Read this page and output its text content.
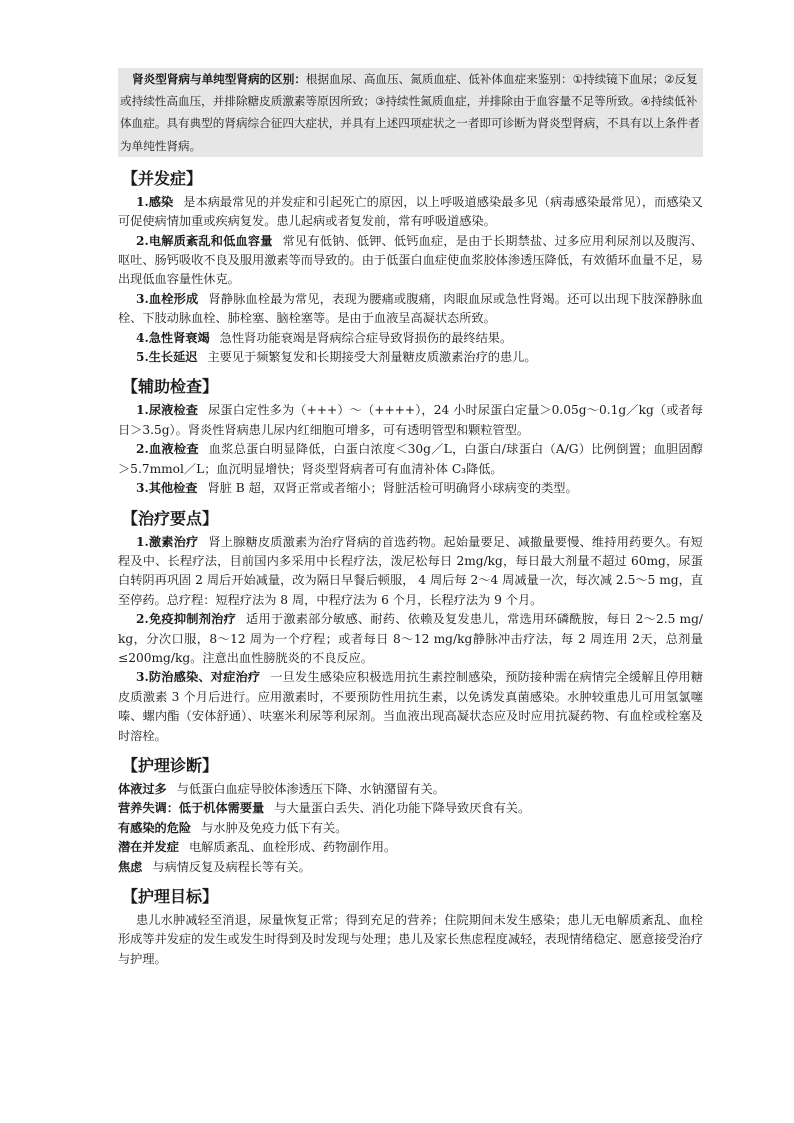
肾炎型肾病与单纯型肾病的区别：根据血尿、高血压、氮质血症、低补体血症来鉴别：①持续镜下血尿；②反复或持续性高血压，并排除糖皮质激素等原因所致；③持续性氮质血症，并排除由于血容量不足等所致。④持续低补体血症。具有典型的肾病综合征四大症状，并具有上述四项症状之一者即可诊断为肾炎型肾病，不具有以上条件者为单纯性肾病。
【并发症】

1.感染 是本病最常见的并发症和引起死亡的原因，以上呼吸道感染最多见（病毒感染最常见），而感染又可促使病情加重或疾病复发。患儿起病或者复发前，常有呼吸道感染。

2.电解质紊乱和低血容量 常见有低钠、低钾、低钙血症，是由于长期禁盐、过多应用利尿剂以及腹泻、呕吐、肠钙吸收不良及服用激素等而导致的。由于低蛋白血症使血浆胶体渗透压降低，有效循环血量不足，易出现低血容量性休克。

3.血栓形成 肾静脉血栓最为常见，表现为腰痛或腹痛，肉眼血尿或急性肾竭。还可以出现下肢深静脉血栓、下肢动脉血栓、肺栓塞、脑栓塞等。是由于血液呈高凝状态所致。

4.急性肾衰竭 急性肾功能衰竭是肾病综合症导致肾损伤的最终结果。

5.生长延迟 主要见于频繁复发和长期接受大剂量糖皮质激素治疗的患儿。

【辅助检查】

1.尿液检查 尿蛋白定性多为（+++）～（++++），24 小时尿蛋白定量＞0.05g～0.1g／kg（或者每日＞3.5g）。肾炎性肾病患儿尿内红细胞可增多，可有透明管型和颗粒管型。

2.血液检查 血浆总蛋白明显降低，白蛋白浓度＜30g／L，白蛋白/球蛋白（A/G）比例倒置；血胆固醇＞5.7mmol／L；血沉明显增快；肾炎型肾病者可有血清补体 C₃降低。

3.其他检查 肾脏 B 超，双肾正常或者缩小；肾脏活检可明确肾小球病变的类型。

【治疗要点】

1.激素治疗 肾上腺糖皮质激素为治疗肾病的首选药物。起始量要足、减撤量要慢、维持用药要久。有短程及中、长程疗法，目前国内多采用中长程疗法，泼尼松每日 2mg/kg，每日最大剂量不超过 60mg，尿蛋白转阴再巩固 2 周后开始减量，改为隔日早餐后顿服， 4 周后每 2～4 周减量一次，每次减 2.5～5 mg，直至停药。总疗程：短程疗法为 8 周，中程疗法为 6 个月，长程疗法为 9 个月。

2.免疫抑制剂治疗 适用于激素部分敏感、耐药、依赖及复发患儿，常选用环磷酰胺，每日 2～2.5 mg/ kg，分次口服，8～12 周为一个疗程；或者每日 8～12 mg/kg静脉冲击疗法，每 2 周连用 2天，总剂量≤200mg/kg。注意出血性膀胱炎的不良反应。

3.防治感染、对症治疗 一旦发生感染应积极选用抗生素控制感染，预防接种需在病情完全缓解且停用糖皮质激素 3 个月后进行。应用激素时，不要预防性用抗生素，以免诱发真菌感染。水肿较重患儿可用氢氯噻嗪、螺内酯（安体舒通）、呋塞米利尿等利尿剂。当血液出现高凝状态应及时应用抗凝药物、有血栓或栓塞及时溶栓。

【护理诊断】

体液过多 与低蛋白血症导胶体渗透压下降、水钠潴留有关。

营养失调：低于机体需要量 与大量蛋白丢失、消化功能下降导致厌食有关。

有感染的危险 与水肿及免疫力低下有关。

潜在并发症 电解质紊乱、血栓形成、药物副作用。

焦虑 与病情反复及病程长等有关。

【护理目标】

患儿水肿减轻至消退，尿量恢复正常；得到充足的营养；住院期间未发生感染；患儿无电解质紊乱、血栓形成等并发症的发生或发生时得到及时发现与处理；患儿及家长焦虑程度减轻，表现情绪稳定、愿意接受治疗与护理。
